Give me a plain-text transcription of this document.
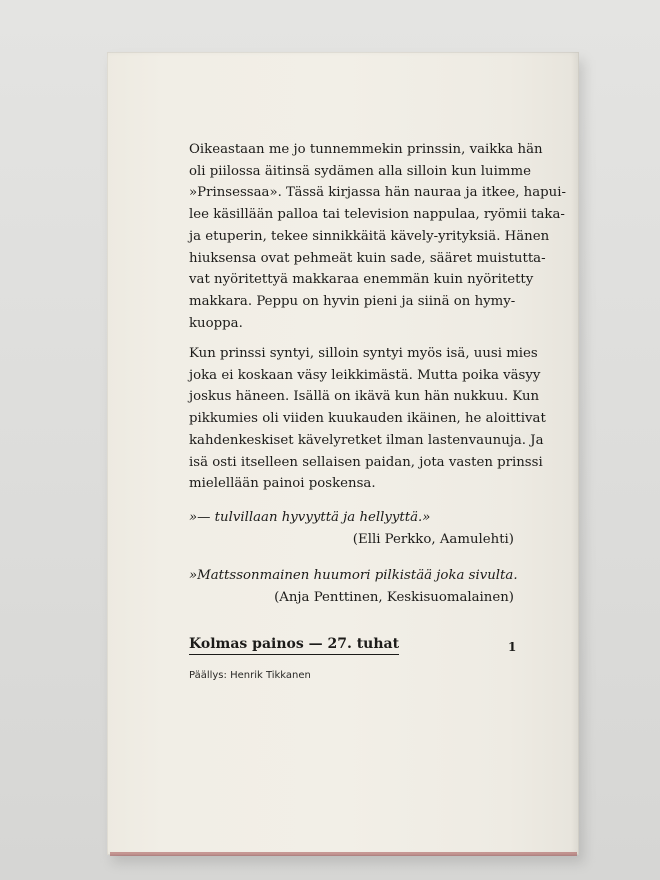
Oikeastaan me jo tunnemmekin prinssin, vaikka hän
oli piilossa äitinsä sydämen alla silloin kun luimme
»Prinsessaa». Tässä kirjassa hän nauraa ja itkee, hapui-
lee käsillään palloa tai television nappulaa, ryömii taka-
ja etuperin, tekee sinnikkäitä kävely-yrityksiä. Hänen
hiuksensa ovat pehmeät kuin sade, sääret muistutta-
vat nyöritettyä makkaraa enemmän kuin nyöritetty
makkara. Peppu on hyvin pieni ja siinä on hymy-
kuoppa.
Kun prinssi syntyi, silloin syntyi myös isä, uusi mies
joka ei koskaan väsy leikkimästä. Mutta poika väsyy
joskus häneen. Isällä on ikävä kun hän nukkuu. Kun
pikkumies oli viiden kuukauden ikäinen, he aloittivat
kahdenkeskiset kävelyretket ilman lastenvaunuja. Ja
isä osti itselleen sellaisen paidan, jota vasten prinssi
mielellään painoi poskensa.
»— tulvillaan hyvyyttä ja hellyyttä.»
(Elli Perkko, Aamulehti)
»Mattssonmainen huumori pilkistää joka sivulta.
(Anja Penttinen, Keskisuomalainen)
Kolmas painos — 27. tuhat	1
Päällys: Henrik Tikkanen
